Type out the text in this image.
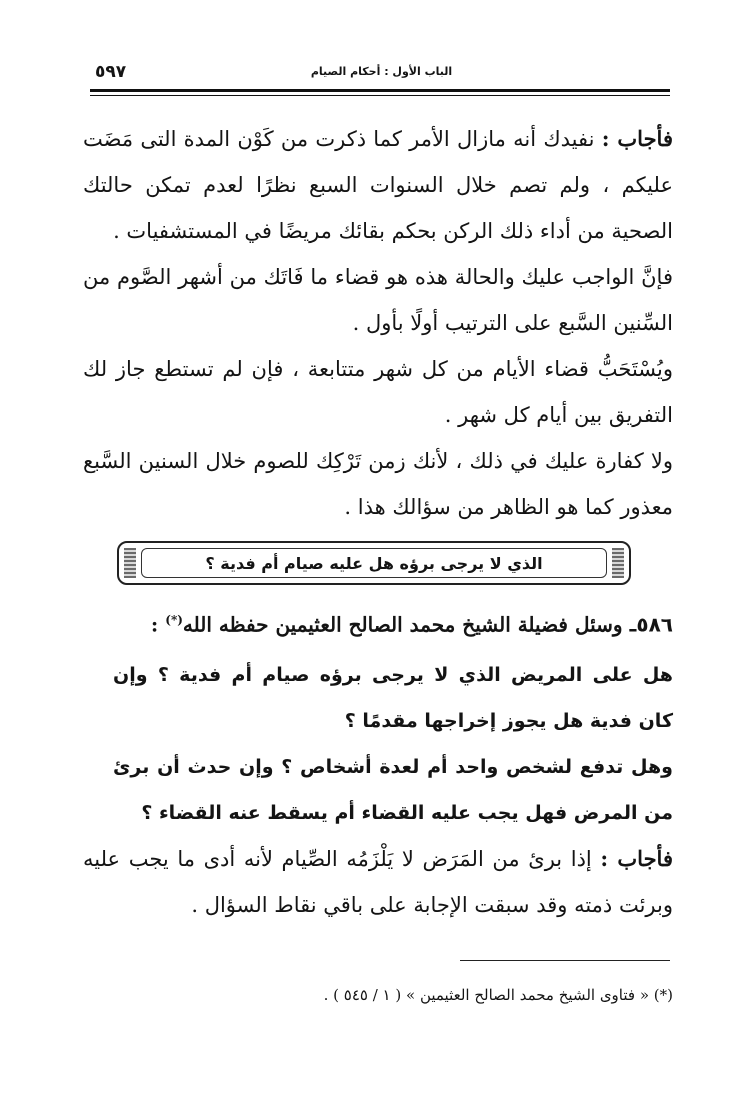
٥٩٧	الباب الأول : أحكام الصيام
فأجاب : نفيدك أنه مازال الأمر كما ذكرت من كَوْن المدة التى مَضَت عليكم ، ولم تصم خلال السنوات السبع نظرًا لعدم تمكن حالتك الصحية من أداء ذلك الركن بحكم بقائك مريضًا في المستشفيات .
فإنَّ الواجب عليك والحالة هذه هو قضاء ما فَاتَك من أشهر الصَّوم من السِّنين السَّبع على الترتيب أولًا بأول .
ويُسْتَحَبُّ قضاء الأيام من كل شهر متتابعة ، فإن لم تستطع جاز لك التفريق بين أيام كل شهر .
ولا كفارة عليك في ذلك ، لأنك زمن تَرْكِك للصوم خلال السنين السَّبع معذور كما هو الظاهر من سؤالك هذا .
الذي لا يرجى برؤه هل عليه صيام أم فدية ؟
٥٨٦ـ وسئل فضيلة الشيخ محمد الصالح العثيمين حفظه الله(*) :
هل على المريض الذي لا يرجى برؤه صيام أم فدية ؟ وإن كان فدية هل يجوز إخراجها مقدمًا ؟
وهل تدفع لشخص واحد أم لعدة أشخاص ؟ وإن حدث أن برئ من المرض فهل يجب عليه القضاء أم يسقط عنه القضاء ؟
فأجاب : إذا برئ من المَرَض لا يَلْزَمُه الصِّيام لأنه أدى ما يجب عليه وبرئت ذمته وقد سبقت الإجابة على باقي نقاط السؤال .
(*) « فتاوى الشيخ محمد الصالح العثيمين » ( ١ / ٥٤٥ ) .
